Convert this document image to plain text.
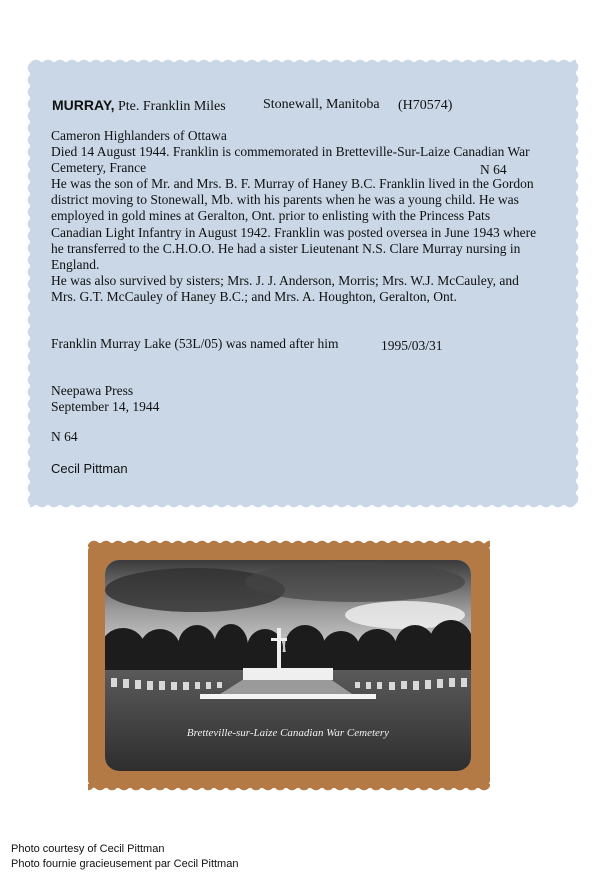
MURRAY, Pte. Franklin Miles	Stonewall, Manitoba (H70574)

Cameron Highlanders of Ottawa

Died 14 August 1944. Franklin is commemorated in Bretteville-Sur-Laize Canadian War

Cemetery, France

He was the son of Mr. and Mrs. B. F. Murray of Haney B.C. Franklin lived in the Gordon

district moving to Stonewall, Mb. with his parents when he was a young child. He was

employed in gold mines at Geralton, Ont. prior to enlisting with the Princess Pats

Canadian Light Infantry in August 1942. Franklin was posted oversea in June 1943 where

he transferred to the C.H.O.O. He had a sister Lieutenant N.S. Clare Murray nursing in

England.

He was also survived by sisters; Mrs. J. J. Anderson, Morris; Mrs. W.J. McCauley, and

Mrs. G.T. McCauley of Haney B.C.; and Mrs. A. Houghton, Geralton, Ont.

N 64
Franklin Murray Lake (53L/05) was named after him	1995/03/31
Neepawa Press
September 14, 1944
N 64
Cecil Pittman
Bretteville-sur-Laize Canadian War Cemetery
Photo courtesy of Cecil Pittman
Photo fournie gracieusement par Cecil Pittman
